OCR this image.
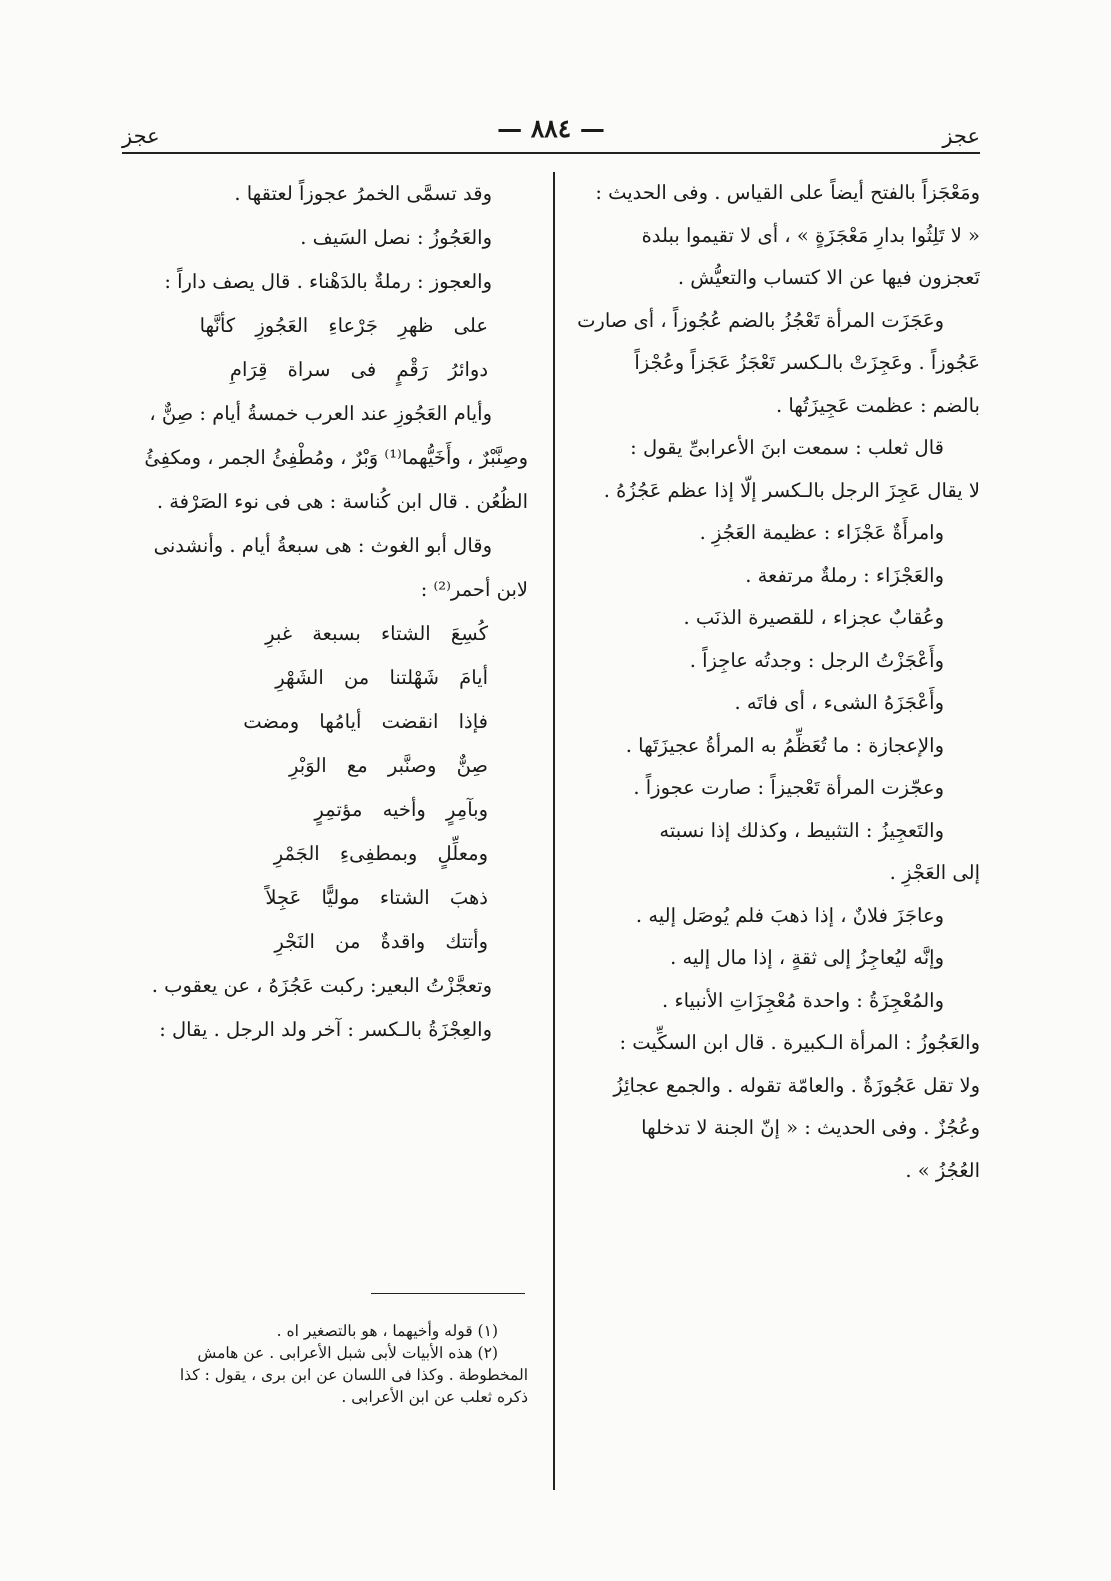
عجز	— ٨٨٤ —	عجز

ومَعْجَزاً بالفتح أيضاً على القياس . وفى الحديث :

« لا تَلِثُوا بدارِ مَعْجَزَةٍ » ، أى لا تقيموا ببلدة

تَعجزون فيها عن الا كتساب والتعيُّش .

وعَجَزَت المرأة تَعْجُزُ بالضم عُجُوزاً ، أى صارت

عَجُوزاً . وعَجِزَتْ بالـكسر تَعْجَزُ عَجَزاً وعُجْزاً

بالضم : عظمت عَجِيزَتُها .

قال ثعلب : سمعت ابنَ الأعرابىِّ يقول :

لا يقال عَجِزَ الرجل بالـكسر إلّا إذا عظم عَجُزُهُ .

وامرأَةٌ عَجْزَاء : عظيمة العَجُزِ .

والعَجْزَاء : رملةٌ مرتفعة .

وعُقابٌ عجزاء ، للقصيرة الذنَب .

وأَعْجَزْتُ الرجل : وجدتُه عاجِزاً .

وأَعْجَزَهُ الشىء ، أى فاتَه .

والإعجازة : ما تُعَظِّمُ به المرأةُ عجيزَتَها .

وعجّزت المرأة تَعْجيزاً : صارت عجوزاً .

والتَعجِيزُ : التثبيط ، وكذلك إذا نسبته

إلى العَجْزِ .

وعاجَزَ فلانٌ ، إذا ذهبَ فلم يُوصَل إليه .

وإنَّه ليُعاجِزُ إلى ثقةٍ ، إذا مال إليه .

والمُعْجِزَةُ : واحدة مُعْجِزَاتِ الأنبياء .

والعَجُوزُ : المرأة الـكبيرة . قال ابن السكِّيت :

ولا تقل عَجُوزَةٌ . والعامّة تقوله . والجمع عجائِزُ

وعُجُزٌ . وفى الحديث : « إنّ الجنة لا تدخلها

العُجُزُ » .

وقد تسمَّى الخمرُ عجوزاً لعتقها .

والعَجُوزُ : نصل السَيف .

والعجوز : رملةٌ بالدَهْناء . قال يصف داراً :

على ظهرِ جَرْعاءِ العَجُوزِ كأنَّها

دوائرُ رَقْمٍ فى سراة قِرَامِ

وأيام العَجُوزِ عند العرب خمسةُ أيام : صِنٌّ ،

وصِنَّبْرٌ ، وأَخَيُّهما⁽¹⁾ وَبْرٌ ، ومُطْفِئُ الجمر ، ومكفِئُ

الظُعُن . قال ابن كُناسة : هى فى نوء الصَرْفة .

وقال أبو الغوث : هى سبعةُ أيام . وأنشدنى

لابن أحمر⁽²⁾ :

كُسِعَ الشتاء بسبعة غبرِ

أيامَ شَهْلتنا من الشَهْرِ

فإذا انقضت أيامُها ومضت

صِنٌّ وصنَّبر مع الوَبْرِ

وبآمِرٍ وأخيه مؤتمِرٍ

ومعلِّلٍ وبمطفِىءِ الجَمْرِ

ذهبَ الشتاء موليًّا عَجِلاً

وأتتك واقدةٌ من النَجْرِ

وتعجَّزْتُ البعير: ركبت عَجُزَهُ ، عن يعقوب .

والعِجْزَةُ بالـكسر : آخر ولد الرجل . يقال :

(١) قوله وأخيهما ، هو بالتصغير اه .

(٢) هذه الأبيات لأبى شبل الأعرابى . عن هامش

المخطوطة . وكذا فى اللسان عن ابن برى ، يقول : كذا

ذكره ثعلب عن ابن الأعرابى .
